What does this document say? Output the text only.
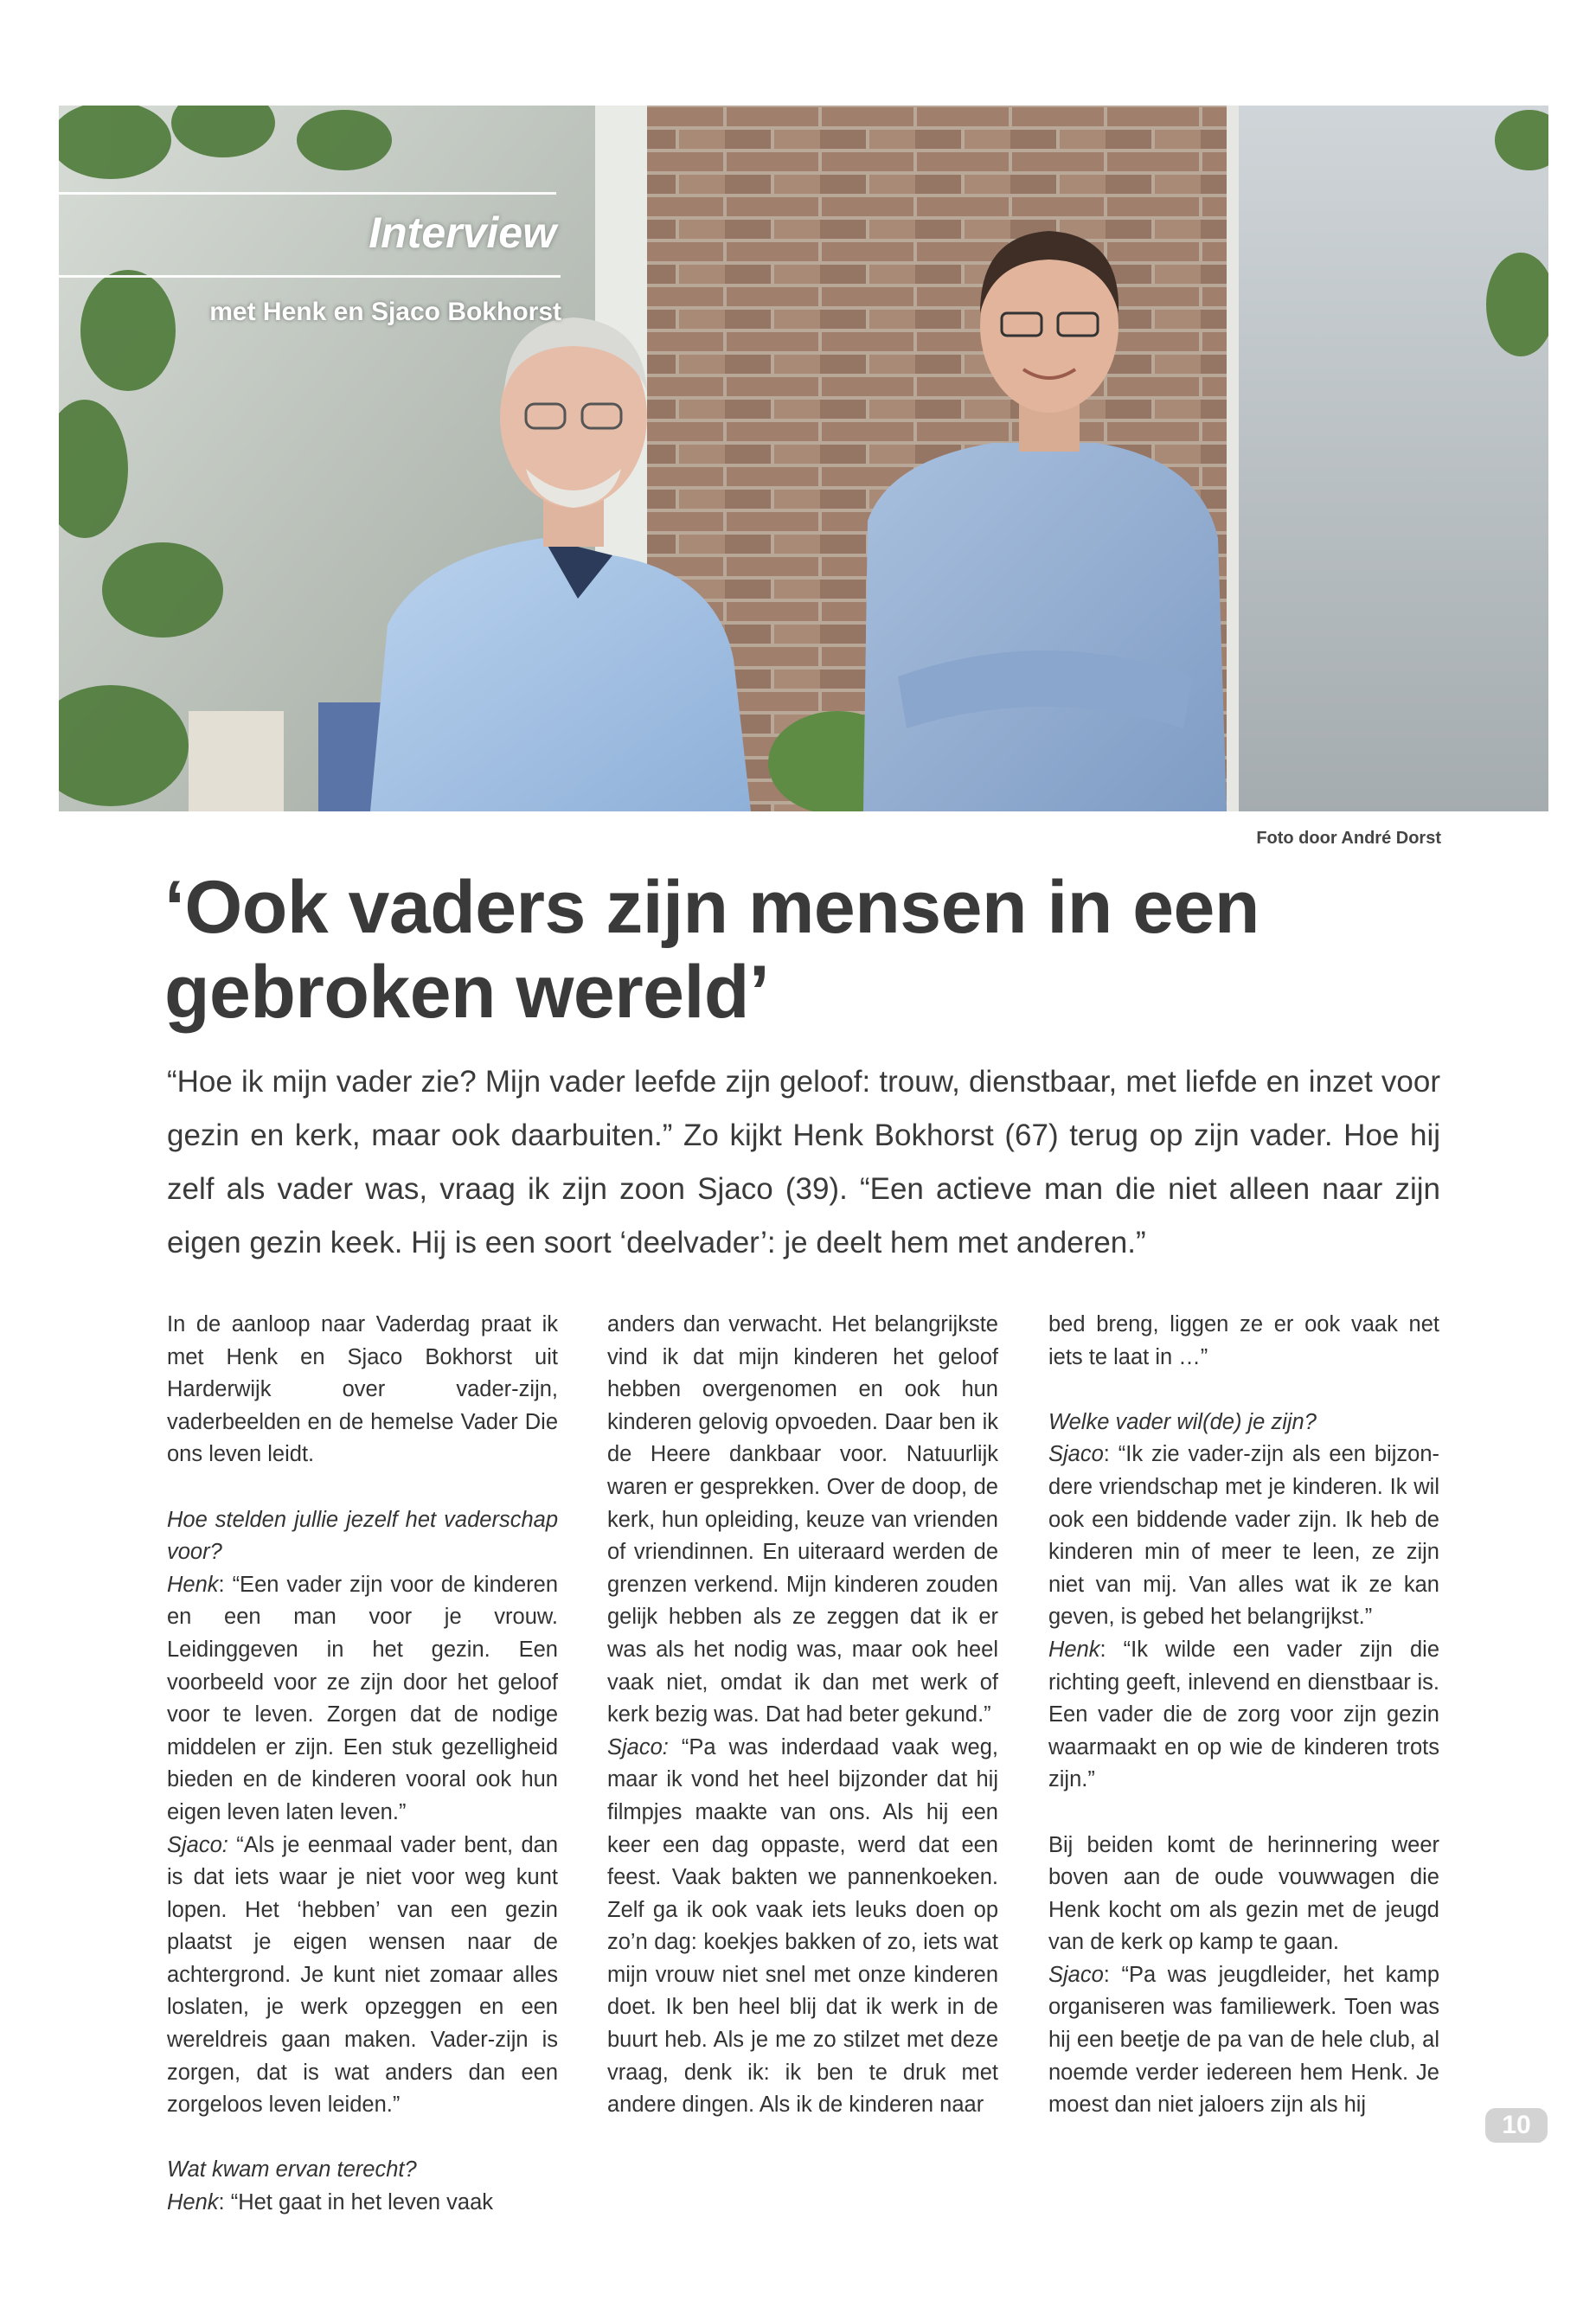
Interview
met Henk en Sjaco Bokhorst
Foto door André Dorst
‘Ook vaders zijn mensen in een
gebroken wereld’

“Hoe ik mijn vader zie? Mijn vader leefde zijn geloof: trouw, dienstbaar, met liefde en inzet voor gezin en kerk, maar ook daarbuiten.” Zo kijkt Henk Bokhorst (67) terug op zijn vader. Hoe hij zelf als vader was, vraag ik zijn zoon Sjaco (39). “Een actieve man die niet alleen naar zijn eigen gezin keek. Hij is een soort ‘deelvader’: je deelt hem met anderen.”

In de aanloop naar Vaderdag praat ik met Henk en Sjaco Bokhorst uit Harderwijk over vader-zijn, vaderbeelden en de hemelse Vader Die ons leven leidt.

Hoe stelden jullie jezelf het vaderschap voor?

Henk: “Een vader zijn voor de kinderen en een man voor je vrouw. Leidinggeven in het gezin. Een voorbeeld voor ze zijn door het geloof voor te leven. Zorgen dat de nodige middelen er zijn. Een stuk gezelligheid bieden en de kinderen vooral ook hun eigen leven laten leven.”

Sjaco: “Als je eenmaal vader bent, dan is dat iets waar je niet voor weg kunt lopen. Het ‘hebben’ van een gezin plaatst je eigen wensen naar de achtergrond. Je kunt niet zomaar alles loslaten, je werk opzeggen en een wereldreis gaan maken. Vader-zijn is zorgen, dat is wat anders dan een zorgeloos leven leiden.”

Wat kwam ervan terecht?

Henk: “Het gaat in het leven vaak

anders dan verwacht. Het belangrijkste vind ik dat mijn kinderen het geloof hebben overgenomen en ook hun kinderen gelovig opvoeden. Daar ben ik de Heere dankbaar voor. Natuurlijk waren er gesprekken. Over de doop, de kerk, hun opleiding, keuze van vrienden of vriendinnen. En uiteraard werden de grenzen verkend. Mijn kinderen zouden gelijk hebben als ze zeggen dat ik er was als het nodig was, maar ook heel vaak niet, omdat ik dan met werk of kerk bezig was. Dat had beter gekund.”

Sjaco: “Pa was inderdaad vaak weg, maar ik vond het heel bijzonder dat hij filmpjes maakte van ons. Als hij een keer een dag oppaste, werd dat een feest. Vaak bakten we pannenkoeken. Zelf ga ik ook vaak iets leuks doen op zo’n dag: koekjes bakken of zo, iets wat mijn vrouw niet snel met onze kinderen doet. Ik ben heel blij dat ik werk in de buurt heb. Als je me zo stilzet met deze vraag, denk ik: ik ben te druk met andere dingen. Als ik de kinderen naar

bed breng, liggen ze er ook vaak net iets te laat in …”

Welke vader wil(de) je zijn?

Sjaco: “Ik zie vader-zijn als een bijzondere vriendschap met je kinderen. Ik wil ook een biddende vader zijn. Ik heb de kinderen min of meer te leen, ze zijn niet van mij. Van alles wat ik ze kan geven, is gebed het belangrijkst.”

Henk: “Ik wilde een vader zijn die richting geeft, inlevend en dienstbaar is. Een vader die de zorg voor zijn gezin waarmaakt en op wie de kinderen trots zijn.”

Bij beiden komt de herinnering weer boven aan de oude vouwwagen die Henk kocht om als gezin met de jeugd van de kerk op kamp te gaan.

Sjaco: “Pa was jeugdleider, het kamp organiseren was familiewerk. Toen was hij een beetje de pa van de hele club, al noemde verder iedereen hem Henk. Je moest dan niet jaloers zijn als hij

10
